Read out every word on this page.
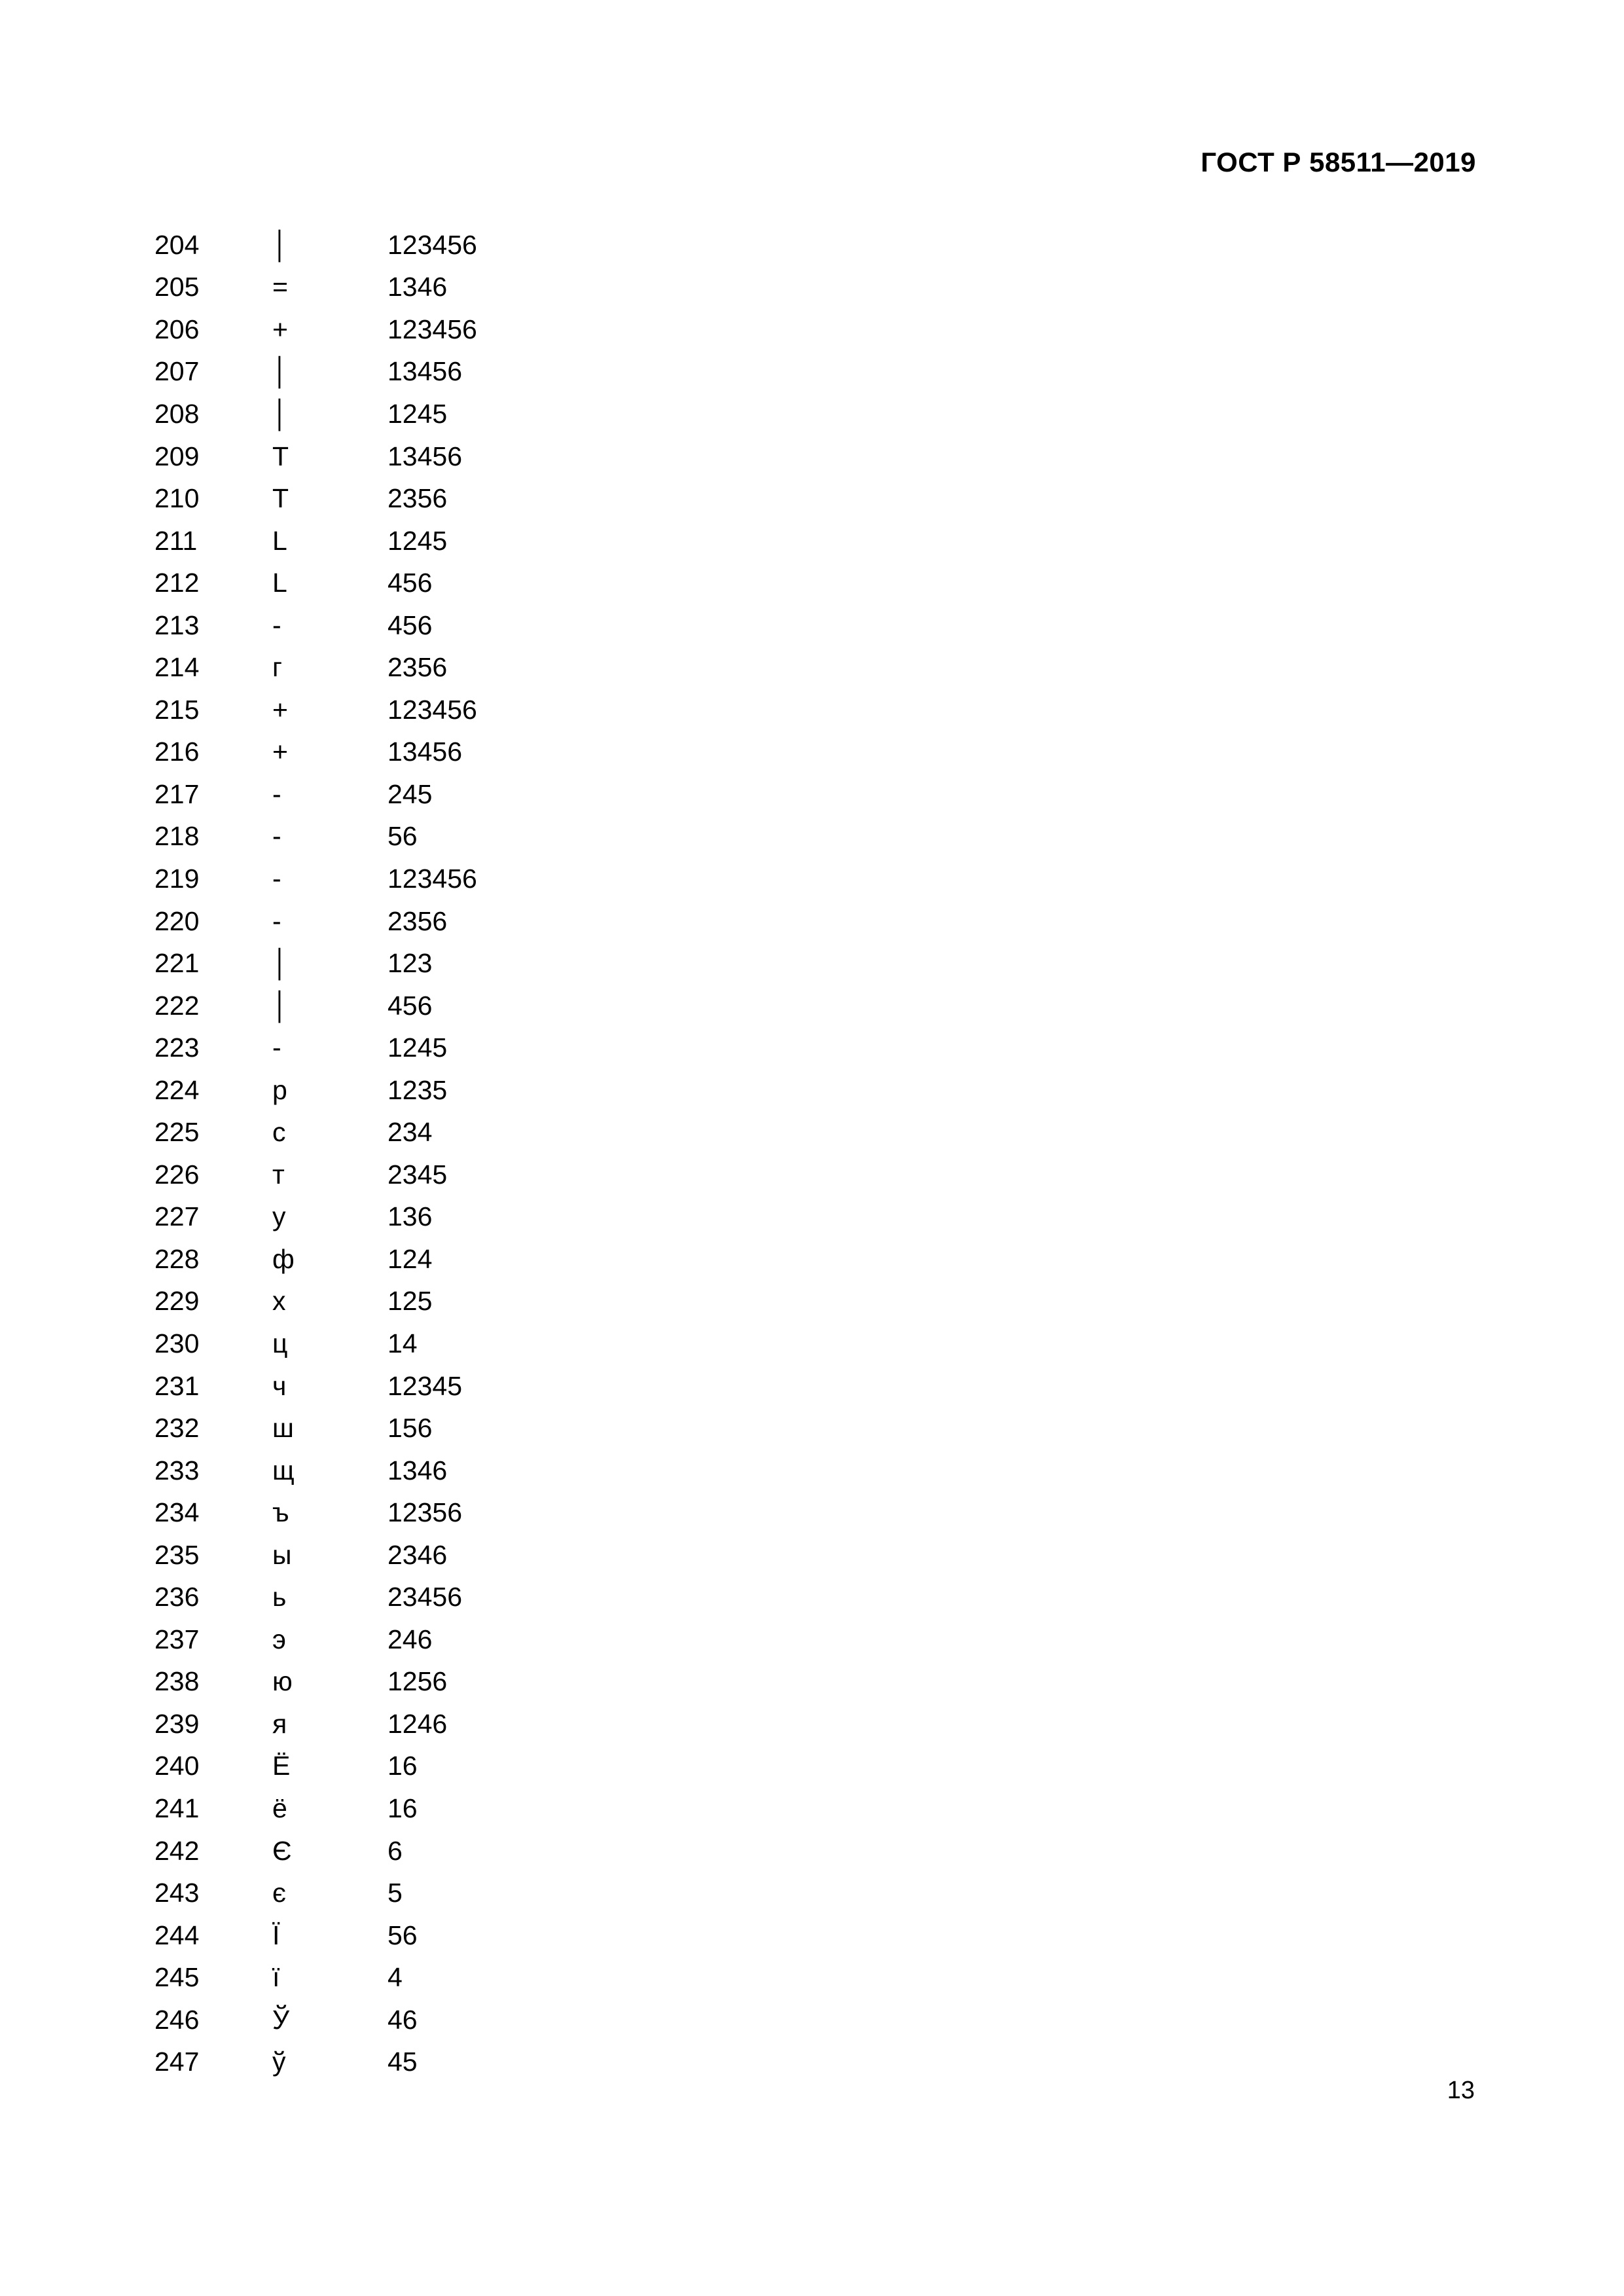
ГОСТ Р 58511—2019
204	│	123456
205	=	1346
206	+	123456
207	│	13456
208	│	1245
209	T	13456
210	T	2356
211	L	1245
212	L	456
213	-	456
214	г	2356
215	+	123456
216	+	13456
217	-	245
218	-	56
219	-	123456
220	-	2356
221	│	123
222	│	456
223	-	1245
224	р	1235
225	с	234
226	т	2345
227	у	136
228	ф	124
229	х	125
230	ц	14
231	ч	12345
232	ш	156
233	щ	1346
234	ъ	12356
235	ы	2346
236	ь	23456
237	э	246
238	ю	1256
239	я	1246
240	Ё	16
241	ё	16
242	Є	6
243	є	5
244	Ї	56
245	ї	4
246	Ў	46
247	ў	45
13
